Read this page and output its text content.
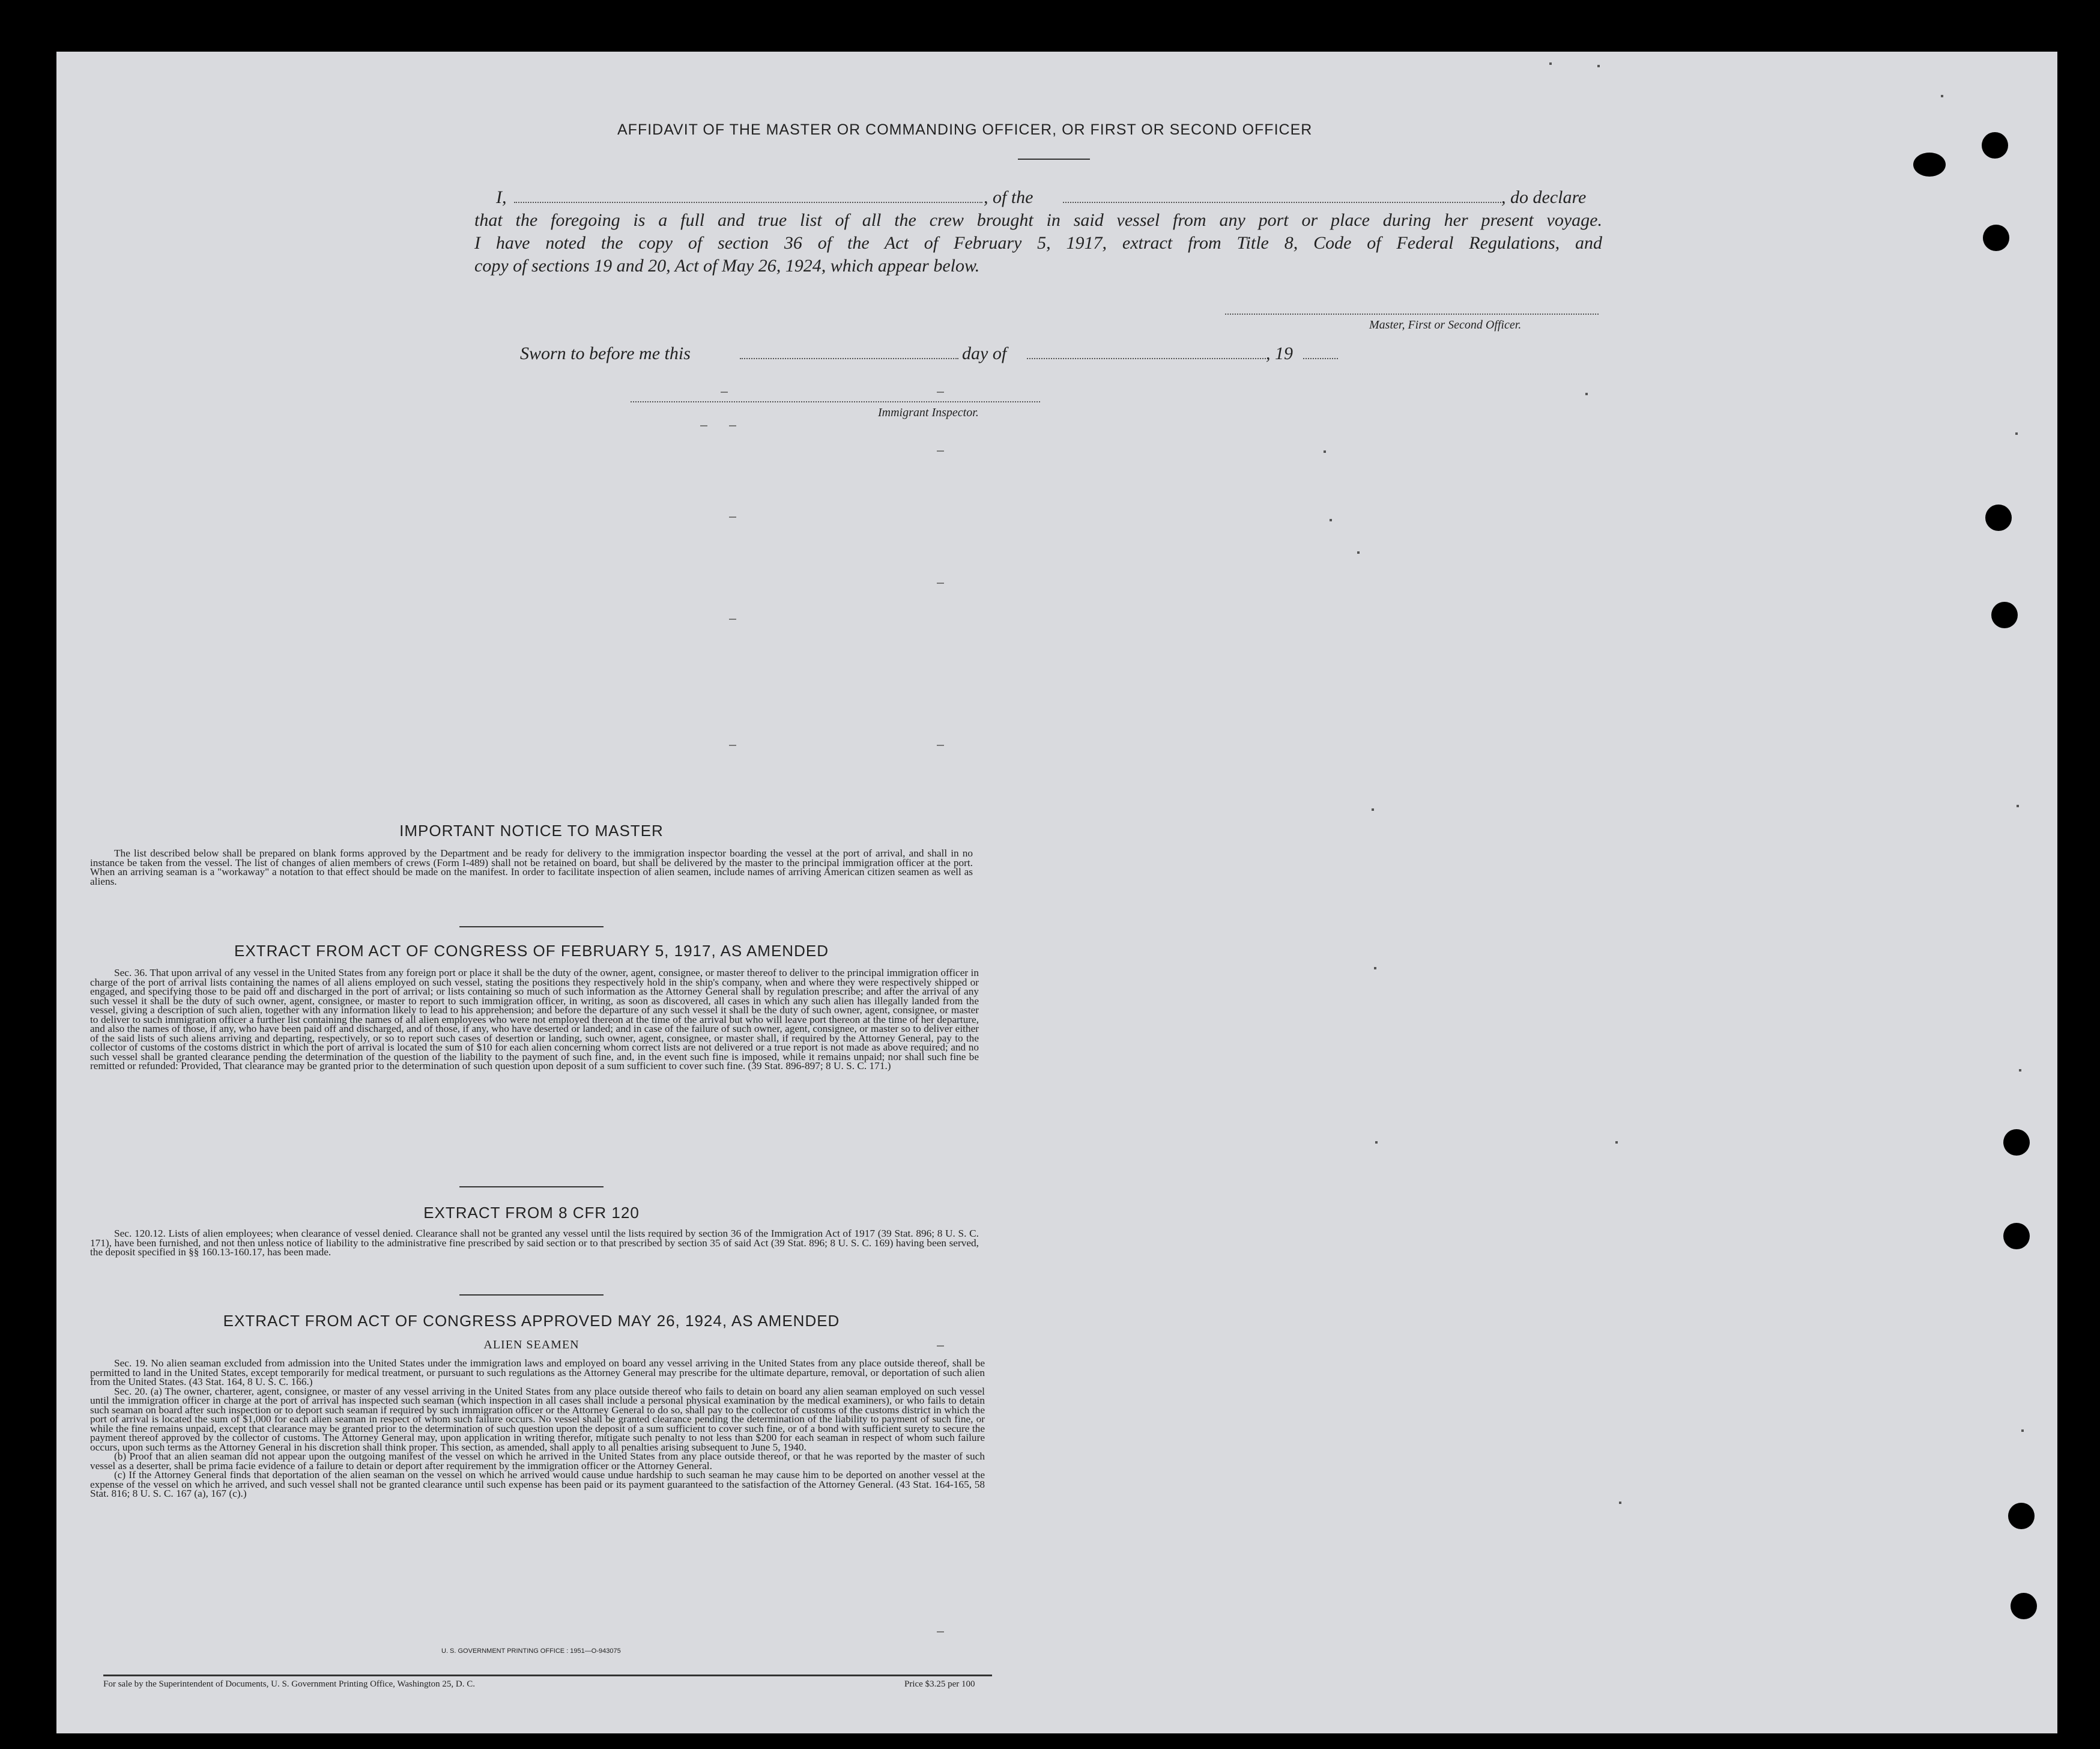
AFFIDAVIT OF THE MASTER OR COMMANDING OFFICER, OR FIRST OR SECOND OFFICER
I,	, of the	, do declare
that the foregoing is a full and true list of all the crew brought in said vessel from any port or place during her present voyage.
I have noted the copy of section 36 of the Act of February 5, 1917, extract from Title 8, Code of Federal Regulations, and
copy of sections 19 and 20, Act of May 26, 1924, which appear below.
Master, First or Second Officer.
Sworn to before me this	day of	, 19
Immigrant Inspector.
IMPORTANT NOTICE TO MASTER

The list described below shall be prepared on blank forms approved by the Department and be ready for delivery to the immigration inspector boarding the vessel at the port of arrival, and shall in no instance be taken from the vessel. The list of changes of alien members of crews (Form I-489) shall not be retained on board, but shall be delivered by the master to the principal immigration officer at the port. When an arriving seaman is a "workaway" a notation to that effect should be made on the manifest. In order to facilitate inspection of alien seamen, include names of arriving American citizen seamen as well as aliens.

EXTRACT FROM ACT OF CONGRESS OF FEBRUARY 5, 1917, AS AMENDED

Sec. 36. That upon arrival of any vessel in the United States from any foreign port or place it shall be the duty of the owner, agent, consignee, or master thereof to deliver to the principal immigration officer in charge of the port of arrival lists containing the names of all aliens employed on such vessel, stating the positions they respectively hold in the ship's company, when and where they were respectively shipped or engaged, and specifying those to be paid off and discharged in the port of arrival; or lists containing so much of such information as the Attorney General shall by regulation prescribe; and after the arrival of any such vessel it shall be the duty of such owner, agent, consignee, or master to report to such immigration officer, in writing, as soon as discovered, all cases in which any such alien has illegally landed from the vessel, giving a description of such alien, together with any information likely to lead to his apprehension; and before the departure of any such vessel it shall be the duty of such owner, agent, consignee, or master to deliver to such immigration officer a further list containing the names of all alien employees who were not employed thereon at the time of the arrival but who will leave port thereon at the time of her departure, and also the names of those, if any, who have been paid off and discharged, and of those, if any, who have deserted or landed; and in case of the failure of such owner, agent, consignee, or master so to deliver either of the said lists of such aliens arriving and departing, respectively, or so to report such cases of desertion or landing, such owner, agent, consignee, or master shall, if required by the Attorney General, pay to the collector of customs of the costoms district in which the port of arrival is located the sum of $10 for each alien concerning whom correct lists are not delivered or a true report is not made as above required; and no such vessel shall be granted clearance pending the determination of the question of the liability to the payment of such fine, and, in the event such fine is imposed, while it remains unpaid; nor shall such fine be remitted or refunded: Provided, That clearance may be granted prior to the determination of such question upon deposit of a sum sufficient to cover such fine. (39 Stat. 896-897; 8 U. S. C. 171.)

EXTRACT FROM 8 CFR 120

Sec. 120.12. Lists of alien employees; when clearance of vessel denied. Clearance shall not be granted any vessel until the lists required by section 36 of the Immigration Act of 1917 (39 Stat. 896; 8 U. S. C. 171), have been furnished, and not then unless notice of liability to the administrative fine prescribed by said section or to that prescribed by section 35 of said Act (39 Stat. 896; 8 U. S. C. 169) having been served, the deposit specified in §§ 160.13-160.17, has been made.

EXTRACT FROM ACT OF CONGRESS APPROVED MAY 26, 1924, AS AMENDED
ALIEN SEAMEN

Sec. 19. No alien seaman excluded from admission into the United States under the immigration laws and employed on board any vessel arriving in the United States from any place outside thereof, shall be permitted to land in the United States, except temporarily for medical treatment, or pursuant to such regulations as the Attorney General may prescribe for the ultimate departure, removal, or deportation of such alien from the United States. (43 Stat. 164, 8 U. S. C. 166.)

Sec. 20. (a) The owner, charterer, agent, consignee, or master of any vessel arriving in the United States from any place outside thereof who fails to detain on board any alien seaman employed on such vessel until the immigration officer in charge at the port of arrival has inspected such seaman (which inspection in all cases shall include a personal physical examination by the medical examiners), or who fails to detain such seaman on board after such inspection or to deport such seaman if required by such immigration officer or the Attorney General to do so, shall pay to the collector of customs of the customs district in which the port of arrival is located the sum of $1,000 for each alien seaman in respect of whom such failure occurs. No vessel shall be granted clearance pending the determination of the liability to payment of such fine, or while the fine remains unpaid, except that clearance may be granted prior to the determination of such question upon the deposit of a sum sufficient to cover such fine, or of a bond with sufficient surety to secure the payment thereof approved by the collector of customs. The Attorney General may, upon application in writing therefor, mitigate such penalty to not less than $200 for each seaman in respect of whom such failure occurs, upon such terms as the Attorney General in his discretion shall think proper. This section, as amended, shall apply to all penalties arising subsequent to June 5, 1940.

(b) Proof that an alien seaman did not appear upon the outgoing manifest of the vessel on which he arrived in the United States from any place outside thereof, or that he was reported by the master of such vessel as a deserter, shall be prima facie evidence of a failure to detain or deport after requirement by the immigration officer or the Attorney General.

(c) If the Attorney General finds that deportation of the alien seaman on the vessel on which he arrived would cause undue hardship to such seaman he may cause him to be deported on another vessel at the expense of the vessel on which he arrived, and such vessel shall not be granted clearance until such expense has been paid or its payment guaranteed to the satisfaction of the Attorney General. (43 Stat. 164-165, 58 Stat. 816; 8 U. S. C. 167 (a), 167 (c).)

U. S. GOVERNMENT PRINTING OFFICE : 1951—O-943075
For sale by the Superintendent of Documents, U. S. Government Printing Office, Washington 25, D. C.	Price $3.25 per 100
